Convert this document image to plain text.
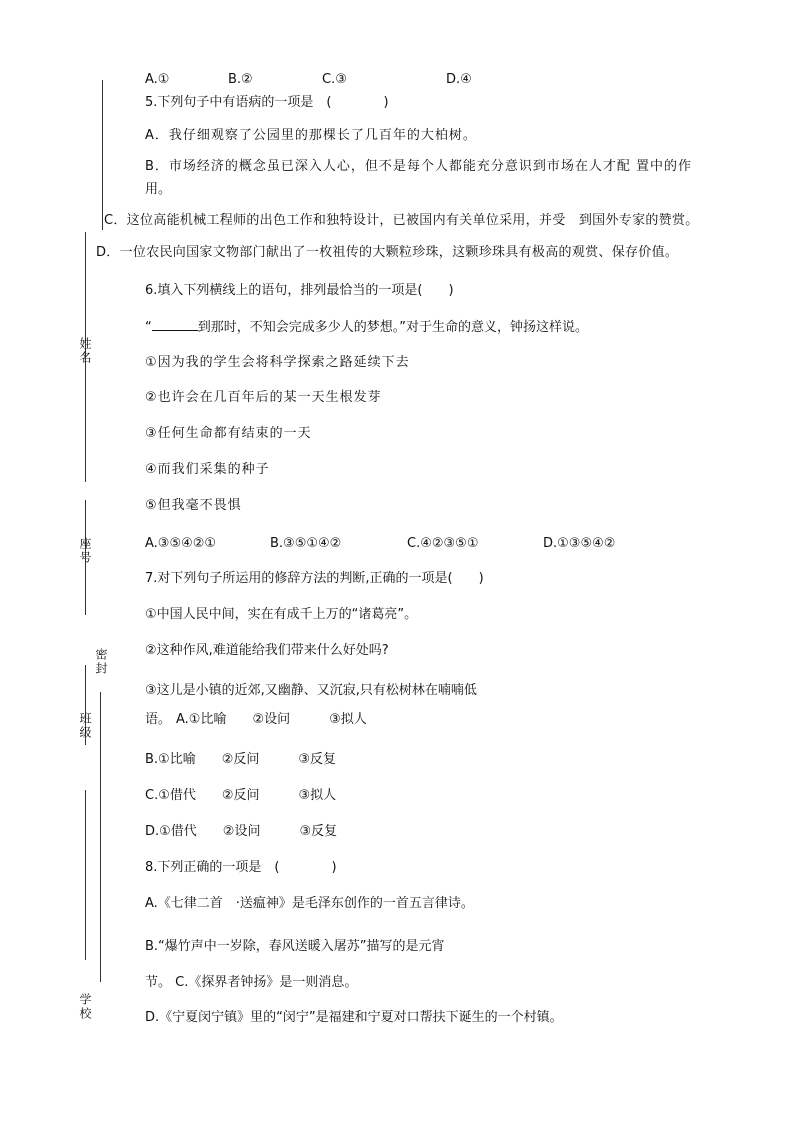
姓名
座号
密封
班级
学校
A.①	B.②	C.③	D.④
5.下列句子中有语病的一项是　(　　　　)
A．我仔细观察了公园里的那棵长了几百年的大柏树。
B．市场经济的概念虽已深入人心，但不是每个人都能充分意识到市场在人才配 置中的作
用。
C．这位高能机械工程师的出色工作和独特设计，已被国内有关单位采用，并受　到国外专家的赞赏。
D．一位农民向国家文物部门献出了一枚祖传的大颗粒珍珠，这颗珍珠具有极高的观赏、保存价值。
6.填入下列横线上的语句，排列最恰当的一项是(　　)
“	到那时，不知会完成多少人的梦想。”对于生命的意义，钟扬这样说。
①因为我的学生会将科学探索之路延续下去
②也许会在几百年后的某一天生根发芽
③任何生命都有结束的一天
④而我们采集的种子
⑤但我毫不畏惧
A.③⑤④②①	B.③⑤①④②	C.④②③⑤①	D.①③⑤④②
7.对下列句子所运用的修辞方法的判断,正确的一项是(　　)
①中国人民中间，实在有成千上万的“诸葛亮”。
②这种作风,难道能给我们带来什么好处吗?
③这儿是小镇的近郊,又幽静、又沉寂,只有松树林在喃喃低
语。 A.①比喻　　②设问　　　③拟人
B.①比喻　　②反问　　　③反复
C.①借代　　②反问　　　③拟人
D.①借代　　②设问　　　③反复
8.下列正确的一项是　(　　　　)
A.《七律二首　·送瘟神》是毛泽东创作的一首五言律诗。
B.“爆竹声中一岁除，春风送暖入屠苏”描写的是元宵
节。 C.《探界者钟扬》是一则消息。
D.《宁夏闵宁镇》里的“闵宁”是福建和宁夏对口帮扶下诞生的一个村镇。
